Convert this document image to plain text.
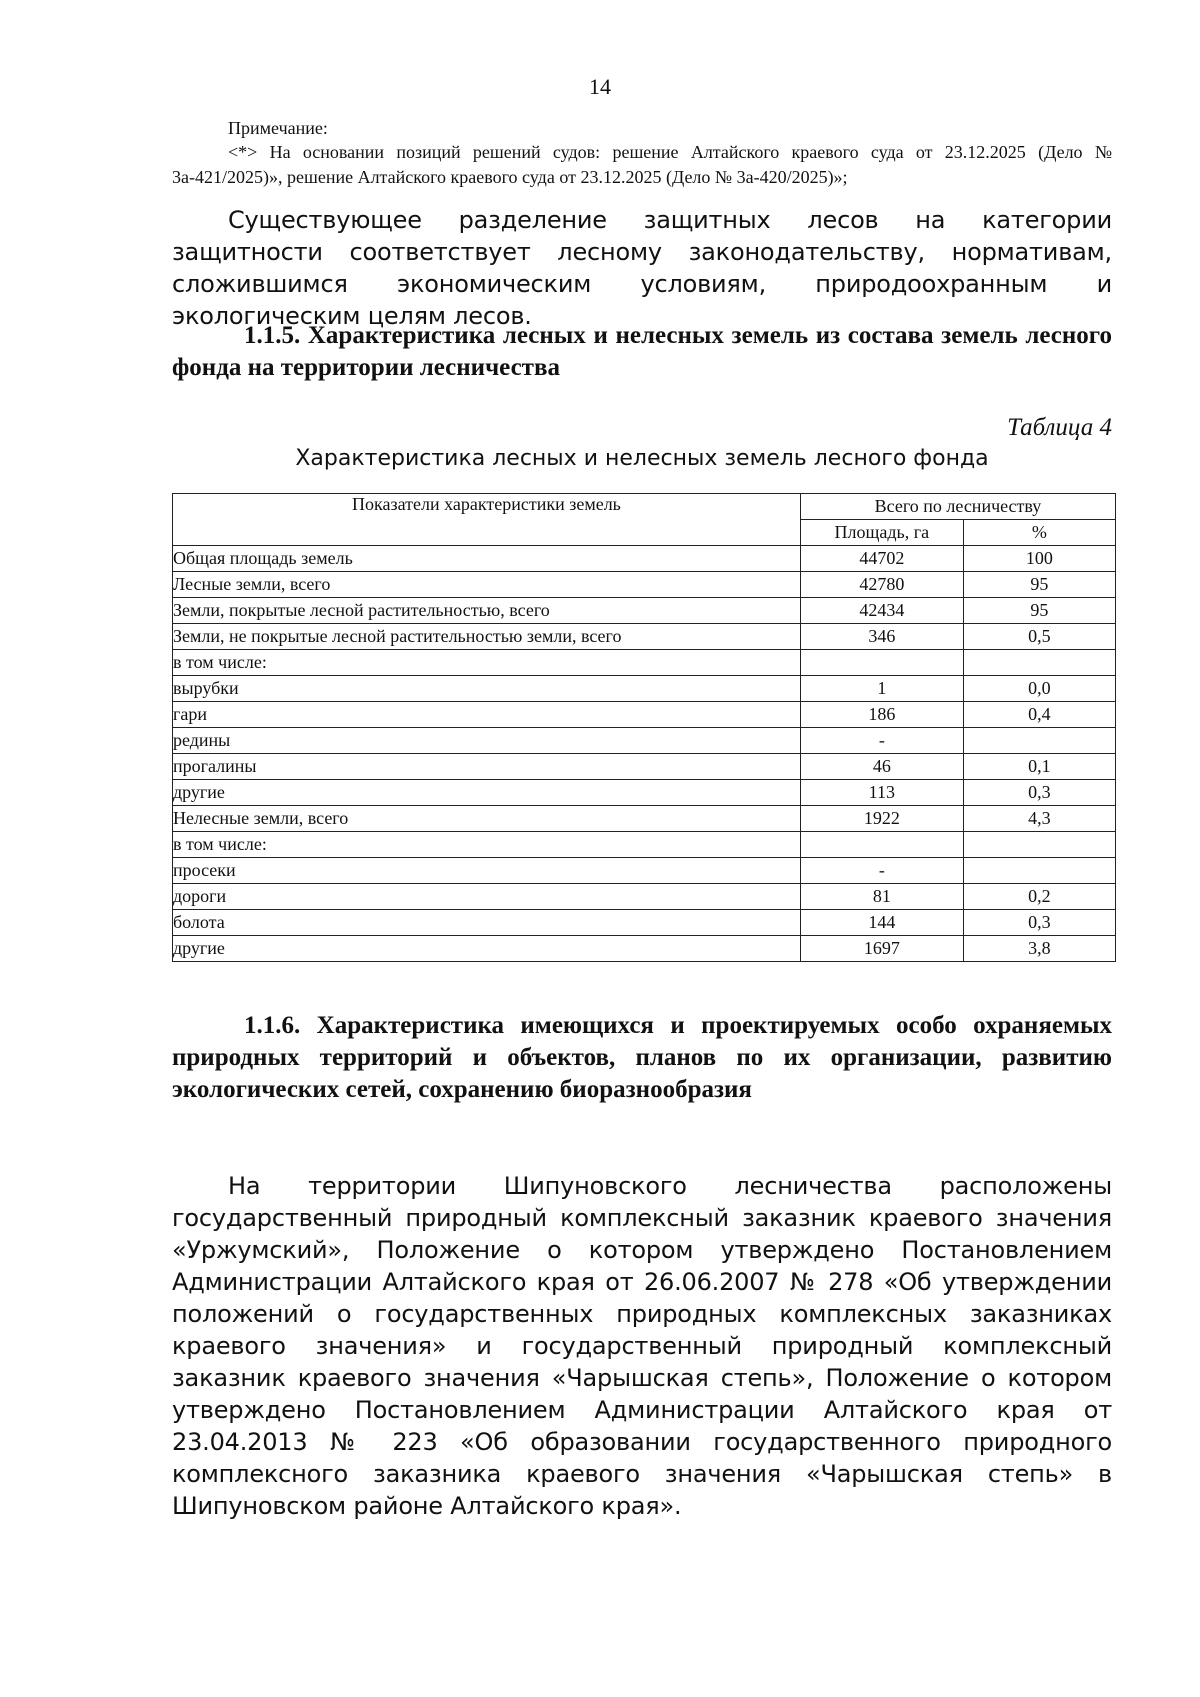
14
Примечание:
<*> На основании позиций решений судов: решение Алтайского краевого суда от 23.12.2025 (Дело № 3а-421/2025)», решение Алтайского краевого суда от 23.12.2025 (Дело № 3а-420/2025)»;
Существующее разделение защитных лесов на категории защитности соответствует лесному законодательству, нормативам, сложившимся экономическим условиям, природоохранным и экологическим целям лесов.
1.1.5. Характеристика лесных и нелесных земель из состава земель лесного фонда на территории лесничества
Таблица 4
Характеристика лесных и нелесных земель лесного фонда
Показатели характеристики земель	Всего по лесничеству	
	Площадь, га	%
Общая площадь земель	44702	100
Лесные земли, всего	42780	95
Земли, покрытые лесной растительностью, всего	42434	95
Земли, не покрытые лесной растительностью земли, всего	346	0,5
в том числе:		
вырубки	1	0,0
гари	186	0,4
редины	-	
прогалины	46	0,1
другие	113	0,3
Нелесные земли, всего	1922	4,3
в том числе:		
просеки	-	
дороги	81	0,2
болота	144	0,3
другие	1697	3,8
1.1.6. Характеристика имеющихся и проектируемых особо охраняемых природных территорий и объектов, планов по их организации, развитию экологических сетей, сохранению биоразнообразия
На территории Шипуновского лесничества расположены государственный природный комплексный заказник краевого значения «Уржумский», Положение о котором утверждено Постановлением Администрации Алтайского края от 26.06.2007 № 278 «Об утверждении положений о государственных природных комплексных заказниках краевого значения» и государственный природный комплексный заказник краевого значения «Чарышская степь», Положение о котором утверждено Постановлением Администрации Алтайского края от 23.04.2013 № 223 «Об образовании государственного природного комплексного заказника краевого значения «Чарышская степь» в Шипуновском районе Алтайского края».
